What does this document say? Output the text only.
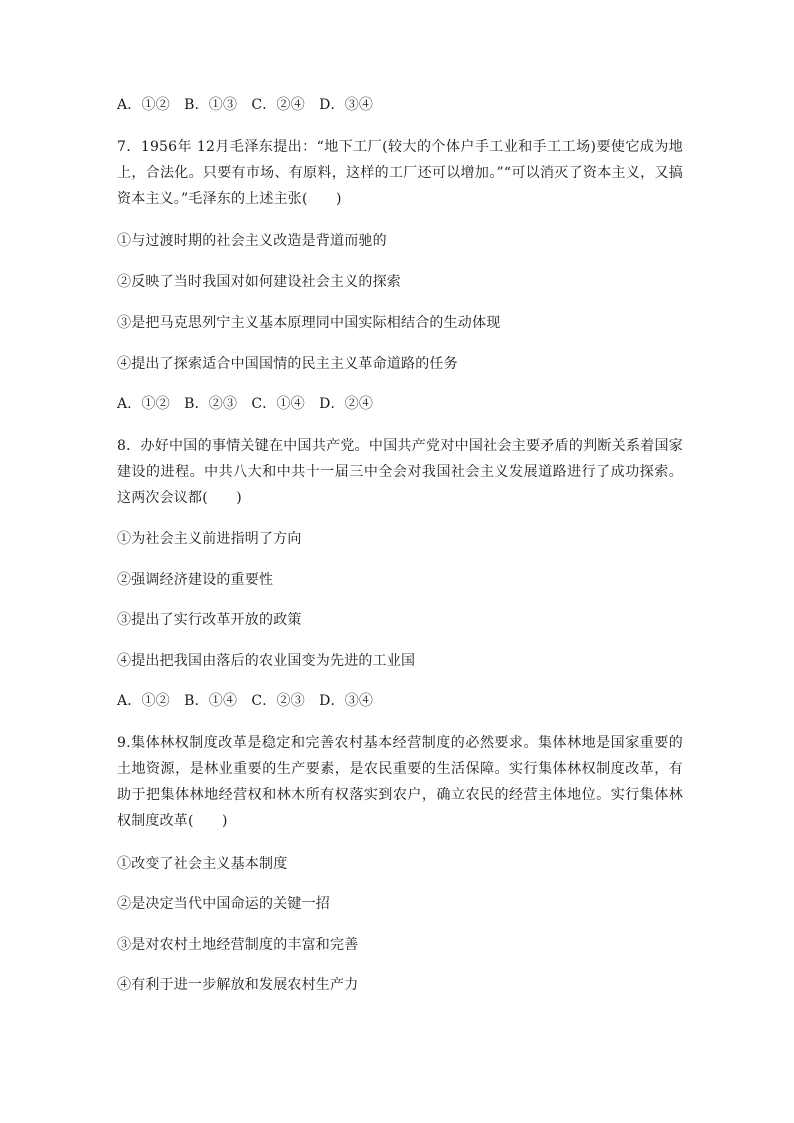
A．①②　B．①③　C．②④　D．③④
7．1956年 12月毛泽东提出：“地下工厂(较大的个体户手工业和手工工场)要使它成为地上，合法化。只要有市场、有原料，这样的工厂还可以增加。”“可以消灭了资本主义，又搞资本主义。”毛泽东的上述主张(　　)
①与过渡时期的社会主义改造是背道而驰的
②反映了当时我国对如何建设社会主义的探索
③是把马克思列宁主义基本原理同中国实际相结合的生动体现
④提出了探索适合中国国情的民主主义革命道路的任务
A．①②　B．②③　C．①④　D．②④
8．办好中国的事情关键在中国共产党。中国共产党对中国社会主要矛盾的判断关系着国家建设的进程。中共八大和中共十一届三中全会对我国社会主义发展道路进行了成功探索。这两次会议都(　　)
①为社会主义前进指明了方向
②强调经济建设的重要性
③提出了实行改革开放的政策
④提出把我国由落后的农业国变为先进的工业国
A．①②　B．①④　C．②③　D．③④
9.集体林权制度改革是稳定和完善农村基本经营制度的必然要求。集体林地是国家重要的土地资源，是林业重要的生产要素，是农民重要的生活保障。实行集体林权制度改革，有助于把集体林地经营权和林木所有权落实到农户，确立农民的经营主体地位。实行集体林权制度改革(　　)
①改变了社会主义基本制度
②是决定当代中国命运的关键一招
③是对农村土地经营制度的丰富和完善
④有利于进一步解放和发展农村生产力
